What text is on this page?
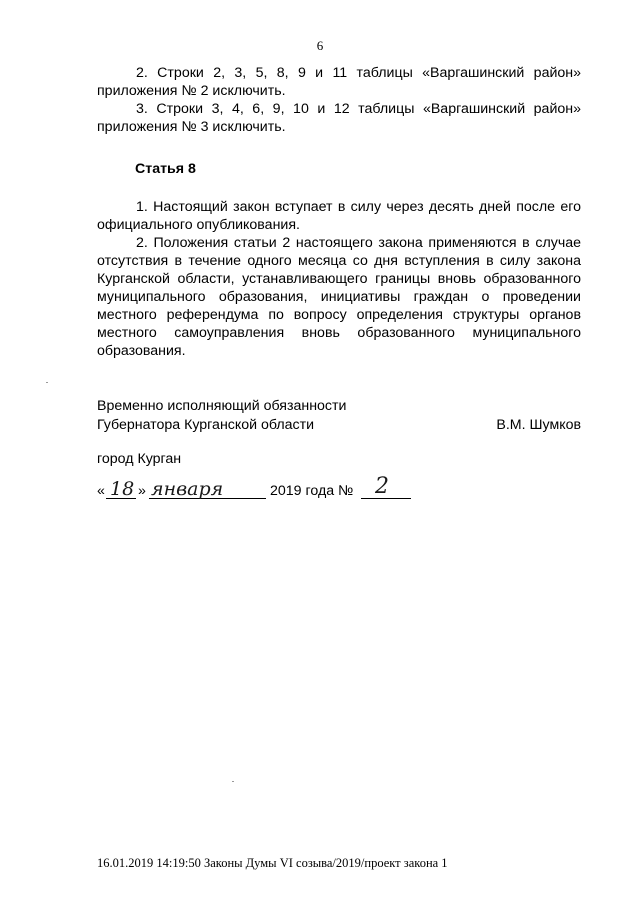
6

2. Строки 2, 3, 5, 8, 9 и 11 таблицы «Варгашинский район» приложения № 2 исключить.

3. Строки 3, 4, 6, 9, 10 и 12 таблицы «Варгашинский район» приложения № 3 исключить.

Статья 8

1. Настоящий закон вступает в силу через десять дней после его официального опубликования.

2. Положения статьи 2 настоящего закона применяются в случае отсутствия в течение одного месяца со дня вступления в силу закона Курганской области, устанавливающего границы вновь образованного муниципального образования, инициативы граждан о проведении местного референдума по вопросу определения структуры органов местного самоуправления вновь образованного муниципального образования.

Временно исполняющий обязанности
Губернатора Курганской области	В.М. Шумков
город Курган
« 18 » января	2019 года № 2
16.01.2019 14:19:50 Законы Думы VI созыва/2019/проект закона 1
